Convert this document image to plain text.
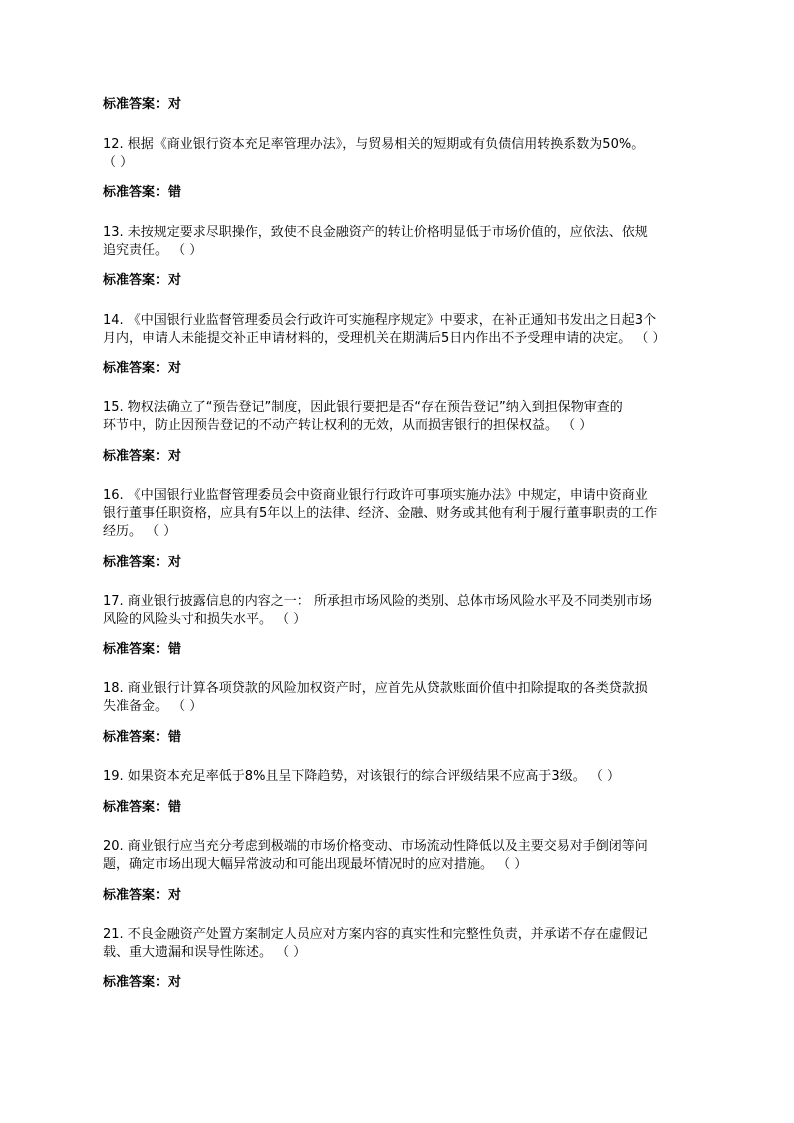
标准答案：对
12. 根据《商业银行资本充足率管理办法》，与贸易相关的短期或有负债信用转换系数为50%。
（ ）
标准答案：错
13. 未按规定要求尽职操作，致使不良金融资产的转让价格明显低于市场价值的，应依法、依规
追究责任。 （ ）
标准答案：对
14. 《中国银行业监督管理委员会行政许可实施程序规定》中要求，在补正通知书发出之日起3个
月内，申请人未能提交补正申请材料的，受理机关在期满后5日内作出不予受理申请的决定。 （ ）
标准答案：对
15. 物权法确立了“预告登记”制度，因此银行要把是否“存在预告登记”纳入到担保物审查的
环节中，防止因预告登记的不动产转让权利的无效，从而损害银行的担保权益。 （ ）
标准答案：对
16. 《中国银行业监督管理委员会中资商业银行行政许可事项实施办法》中规定，申请中资商业
银行董事任职资格，应具有5年以上的法律、经济、金融、财务或其他有利于履行董事职责的工作
经历。 （ ）
标准答案：对
17. 商业银行披露信息的内容之一： 所承担市场风险的类别、总体市场风险水平及不同类别市场
风险的风险头寸和损失水平。 （ ）
标准答案：错
18. 商业银行计算各项贷款的风险加权资产时，应首先从贷款账面价值中扣除提取的各类贷款损
失准备金。 （ ）
标准答案：错
19. 如果资本充足率低于8%且呈下降趋势，对该银行的综合评级结果不应高于3级。 （ ）
标准答案：错
20. 商业银行应当充分考虑到极端的市场价格变动、市场流动性降低以及主要交易对手倒闭等问
题，确定市场出现大幅异常波动和可能出现最坏情况时的应对措施。 （ ）
标准答案：对
21. 不良金融资产处置方案制定人员应对方案内容的真实性和完整性负责，并承诺不存在虚假记
载、重大遗漏和误导性陈述。 （ ）
标准答案：对
